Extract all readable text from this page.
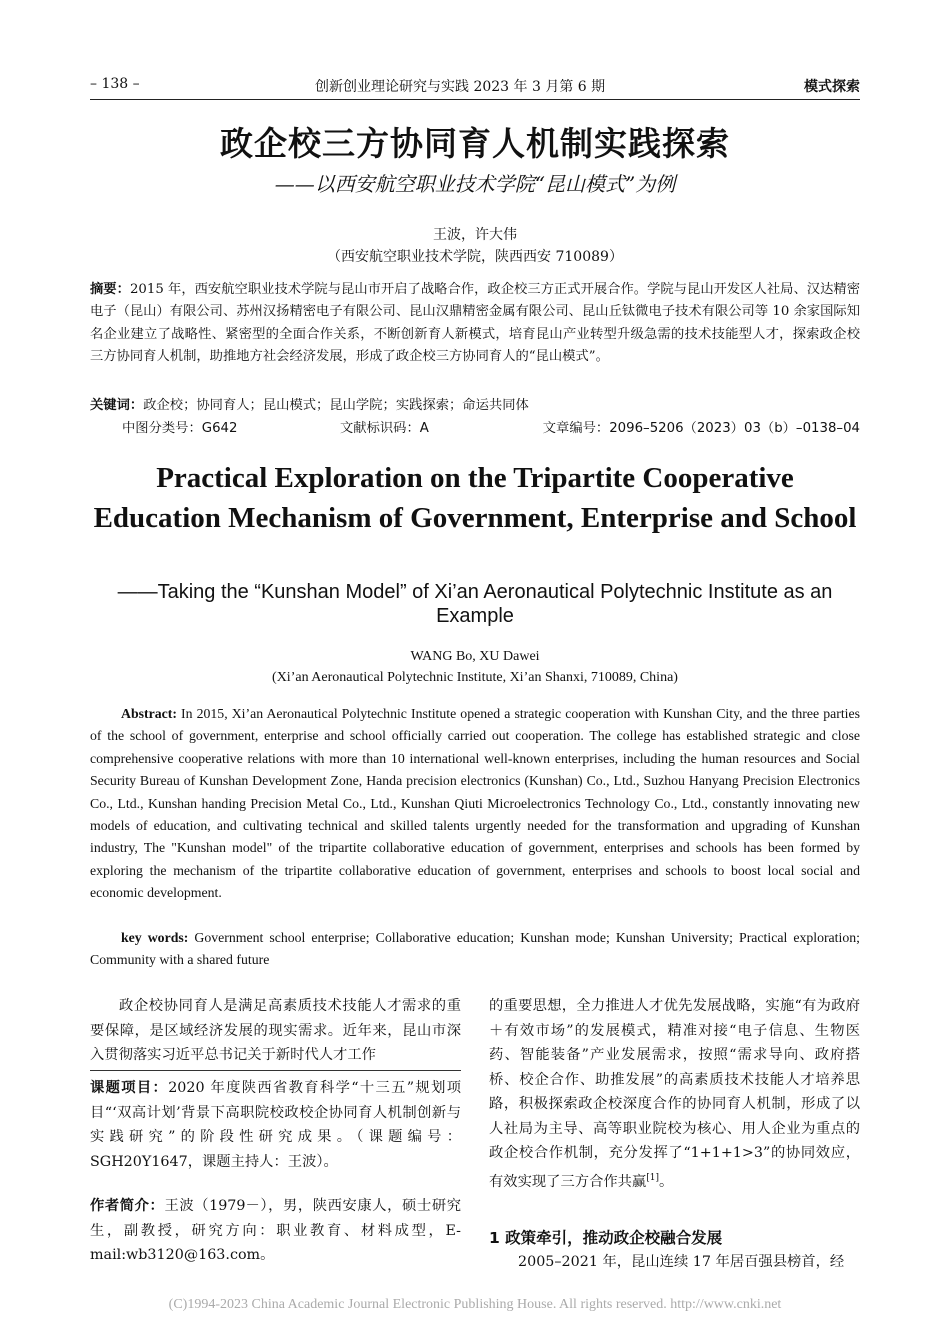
– 138 –	创新创业理论研究与实践 2023 年 3 月第 6 期	模式探索
政企校三方协同育人机制实践探索
——以西安航空职业技术学院“昆山模式”为例
王波，许大伟
（西安航空职业技术学院，陕西西安 710089）
摘要：2015 年，西安航空职业技术学院与昆山市开启了战略合作，政企校三方正式开展合作。学院与昆山开发区人社局、汉达精密电子（昆山）有限公司、苏州汉扬精密电子有限公司、昆山汉鼎精密金属有限公司、昆山丘钛微电子技术有限公司等 10 余家国际知名企业建立了战略性、紧密型的全面合作关系，不断创新育人新模式，培育昆山产业转型升级急需的技术技能型人才，探索政企校三方协同育人机制，助推地方社会经济发展，形成了政企校三方协同育人的“昆山模式”。
关键词：政企校；协同育人；昆山模式；昆山学院；实践探索；命运共同体
中图分类号：G642	文献标识码：A	文章编号：2096–5206（2023）03（b）–0138–04
Practical Exploration on the Tripartite Cooperative Education Mechanism of Government, Enterprise and School
——Taking the “Kunshan Model” of Xi’an Aeronautical Polytechnic Institute as an Example
WANG Bo, XU Dawei
(Xi’an Aeronautical Polytechnic Institute, Xi’an Shanxi, 710089, China)
Abstract: In 2015, Xi’an Aeronautical Polytechnic Institute opened a strategic cooperation with Kunshan City, and the three parties of the school of government, enterprise and school officially carried out cooperation. The college has established strategic and close comprehensive cooperative relations with more than 10 international well-known enterprises, including the human resources and Social Security Bureau of Kunshan Development Zone, Handa precision electronics (Kunshan) Co., Ltd., Suzhou Hanyang Precision Electronics Co., Ltd., Kunshan handing Precision Metal Co., Ltd., Kunshan Qiuti Microelectronics Technology Co., Ltd., constantly innovating new models of education, and cultivating technical and skilled talents urgently needed for the transformation and upgrading of Kunshan industry, The "Kunshan model" of the tripartite collaborative education of government, enterprises and schools has been formed by exploring the mechanism of the tripartite collaborative education of government, enterprises and schools to boost local social and economic development.
key words: Government school enterprise; Collaborative education; Kunshan mode; Kunshan University; Practical exploration; Community with a shared future
政企校协同育人是满足高素质技术技能人才需求的重要保障，是区域经济发展的现实需求。近年来，昆山市深入贯彻落实习近平总书记关于新时代人才工作
课题项目：2020 年度陕西省教育科学“十三五”规划项目“‘双高计划’背景下高职院校政校企协同育人机制创新与实践研究”的阶段性研究成果。（课题编号：SGH20Y1647，课题主持人：王波）。
作者简介：王波（1979－），男，陕西安康人，硕士研究生，副教授，研究方向：职业教育、材料成型，E-mail:wb3120@163.com。
的重要思想，全力推进人才优先发展战略，实施“有为政府＋有效市场”的发展模式，精准对接“电子信息、生物医药、智能装备”产业发展需求，按照“需求导向、政府搭桥、校企合作、助推发展”的高素质技术技能人才培养思路，积极探索政企校深度合作的协同育人机制，形成了以人社局为主导、高等职业院校为核心、用人企业为重点的政企校合作机制，充分发挥了“1+1+1>3”的协同效应，有效实现了三方合作共赢[1]。
1 政策牵引，推动政企校融合发展
2005–2021 年，昆山连续 17 年居百强县榜首，经
(C)1994-2023 China Academic Journal Electronic Publishing House. All rights reserved. http://www.cnki.net
